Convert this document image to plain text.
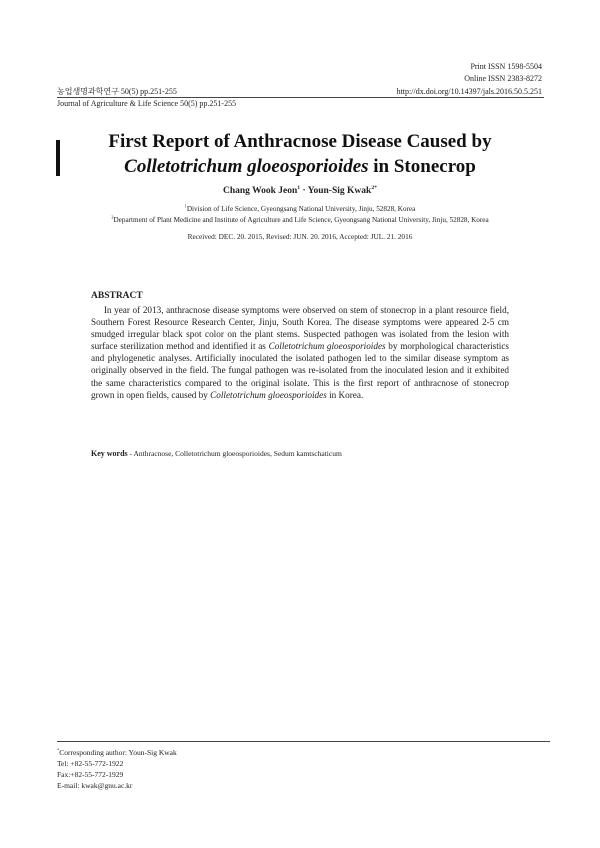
Print ISSN 1598-5504
Online ISSN 2383-8272
농업생명과학연구 50(5) pp.251-255	http://dx.doi.org/10.14397/jals.2016.50.5.251
Journal of Agriculture & Life Science 50(5) pp.251-255
First Report of Anthracnose Disease Caused by
Colletotrichum gloeosporioides in Stonecrop
Chang Wook Jeon$^1$ · Youn-Sig Kwak$^{2*}$
$^1$Division of Life Science, Gyeongsang National University, Jinju, 52828, Korea
$^2$Department of Plant Medicine and Institute of Agriculture and Life Science, Gyeongsang National University, Jinju, 52828, Korea
Received: DEC. 20. 2015, Revised: JUN. 20. 2016, Accepted: JUL. 21. 2016
ABSTRACT
In year of 2013, anthracnose disease symptoms were observed on stem of stonecrop in a plant resource field, Southern Forest Resource Research Center, Jinju, South Korea. The disease symptoms were appeared 2-5 cm smudged irregular black spot color on the plant stems. Suspected pathogen was isolated from the lesion with surface sterilization method and identified it as Colletotrichum gloeosporioides by morphological characteristics and phylogenetic analyses. Artificially inoculated the isolated pathogen led to the similar disease symptom as originally observed in the field. The fungal pathogen was re-isolated from the inoculated lesion and it exhibited the same characteristics compared to the original isolate. This is the first report of anthracnose of stonecrop grown in open fields, caused by Colletotrichum gloeosporioides in Korea.
Key words - Anthracnose, Colletotrichum gloeosporioides, Sedum kamtschaticum
*Corresponding author: Youn-Sig Kwak
Tel: +82-55-772-1922
Fax:+82-55-772-1929
E-mail: kwak@gnu.ac.kr
